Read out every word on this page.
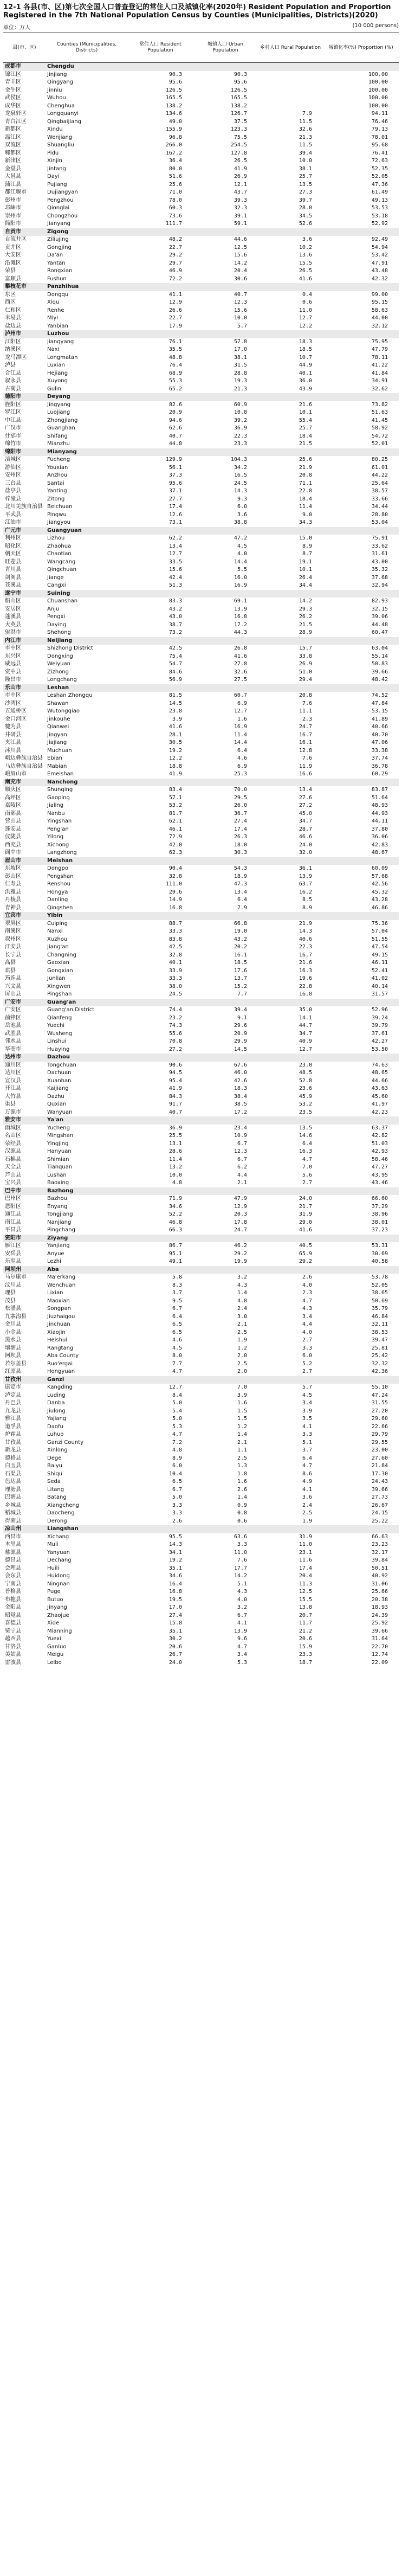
12-1 各县(市、区)第七次全国人口普查登记的常住人口及城镇化率(2020年) Resident Population and Proportion Registered in the 7th National Population Census by Counties (Municipalities, Districts)(2020)
单位：万人	(10 000 persons)
县(市、区)	Counties (Municipalities, Districts)	常住人口 Resident Population	城镇人口 Urban Population	乡村人口 Rural Population	城镇化率(%) Proportion (%)
成都市	Chengdu				
锦江区	Jinjiang	90.3	90.3		100.00
青羊区	Qingyang	95.6	95.6		100.00
金牛区	Jinniu	126.5	126.5		100.00
武侯区	Wuhou	165.5	165.5		100.00
成华区	Chenghua	138.2	138.2		100.00
龙泉驿区	Longquanyi	134.6	126.7	7.9	94.11
青白江区	Qingbaijiang	49.0	37.5	11.5	76.46
新都区	Xindu	155.9	123.3	32.6	79.13
温江区	Wenjiang	96.8	75.5	21.3	78.01
双流区	Shuangliu	266.0	254.5	11.5	95.68
郫都区	Pidu	167.2	127.8	39.4	76.41
新津区	Xinjin	36.4	26.5	10.0	72.63
金堂县	Jintang	80.0	41.9	38.1	52.35
大邑县	Dayi	51.6	26.9	25.7	52.05
蒲江县	Pujiang	25.6	12.1	13.5	47.36
都江堰市	Dujiangyan	71.0	43.7	27.3	61.49
彭州市	Pengzhou	78.0	39.3	39.7	49.13
邛崃市	Qionglai	60.3	32.3	28.0	53.53
崇州市	Chongzhou	73.6	39.1	34.5	53.18
简阳市	Jianyang	111.7	59.1	52.6	52.92
自贡市	Zigong				
自流井区	Ziliujing	48.2	44.6	3.6	92.49
贡井区	Gongjing	22.7	12.5	10.2	54.94
大安区	Da'an	29.2	15.6	13.6	53.42
沿滩区	Yantan	29.7	14.2	15.5	47.91
荣县	Rongxian	46.9	20.4	26.5	43.48
富顺县	Fushun	72.2	30.6	41.6	42.32
攀枝花市	Panzhihua				
东区	Dongqu	41.1	40.7	0.4	99.00
西区	Xiqu	12.9	12.3	0.6	95.15
仁和区	Renhe	26.6	15.6	11.0	58.63
米易县	Miyi	22.7	10.0	12.7	44.00
盐边县	Yanbian	17.9	5.7	12.2	32.12
泸州市	Luzhou				
江阳区	Jiangyang	76.1	57.8	18.3	75.95
纳溪区	Naxi	35.5	17.0	18.5	47.79
龙马潭区	Longmatan	48.8	38.1	10.7	78.11
泸县	Luxian	76.4	31.5	44.9	41.22
合江县	Hejiang	68.9	28.8	40.1	41.84
叙永县	Xuyong	55.3	19.3	36.0	34.91
古蔺县	Gulin	65.2	21.3	43.9	32.62
德阳市	Deyang				
旌阳区	Jingyang	82.6	60.9	21.6	73.82
罗江区	Luojiang	20.9	10.8	10.1	51.63
中江县	Zhongjiang	94.6	39.2	55.4	41.45
广汉市	Guanghan	62.6	36.9	25.7	58.92
什邡市	Shifang	40.7	22.3	18.4	54.72
绵竹市	Mianzhu	44.8	23.3	21.5	52.01
绵阳市	Mianyang				
涪城区	Fucheng	129.9	104.3	25.6	80.25
游仙区	Youxian	56.1	34.2	21.9	61.01
安州区	Anzhou	37.3	16.5	20.8	44.22
三台县	Santai	95.6	24.5	71.1	25.64
盐亭县	Yanting	37.1	14.3	22.8	38.57
梓潼县	Zitong	27.7	9.3	18.4	33.66
北川羌族自治县	Beichuan	17.4	6.0	11.4	34.44
平武县	Pingwu	12.6	3.6	9.0	28.80
江油市	Jiangyou	73.1	38.8	34.3	53.04
广元市	Guangyuan				
利州区	Lizhou	62.2	47.2	15.0	75.91
昭化区	Zhaohua	13.4	4.5	8.9	33.62
朝天区	Chaotian	12.7	4.0	8.7	31.61
旺苍县	Wangcang	33.5	14.4	19.1	43.00
青川县	Qingchuan	15.6	5.5	10.1	35.32
剑阁县	Jiange	42.4	16.0	26.4	37.68
苍溪县	Cangxi	51.3	16.9	34.4	32.94
遂宁市	Suining				
船山区	Chuanshan	83.3	69.1	14.2	82.93
安居区	Anju	43.2	13.9	29.3	32.15
蓬溪县	Pengxi	43.0	16.8	26.2	39.06
大英县	Daying	38.7	17.2	21.5	44.48
射洪市	Shehong	73.2	44.3	28.9	60.47
内江市	Neijiang				
市中区	Shizhong District	42.5	26.8	15.7	63.04
东兴区	Dongxing	75.4	41.6	33.8	55.14
威远县	Weiyuan	54.7	27.8	26.9	50.83
资中县	Zizhong	84.6	32.6	51.0	39.66
隆昌市	Longchang	56.9	27.5	29.4	48.42
乐山市	Leshan				
市中区	Leshan Zhongqu	81.5	60.7	20.8	74.52
沙湾区	Shawan	14.5	6.9	7.6	47.84
五通桥区	Wutongqiao	23.8	12.7	11.1	53.15
金口河区	Jinkouhe	3.9	1.6	2.3	41.89
犍为县	Qianwei	41.6	16.9	24.7	40.66
井研县	Jingyan	28.1	11.4	16.7	40.70
夹江县	Jiajiang	30.5	14.4	16.1	47.06
沐川县	Muchuan	19.2	6.4	12.8	33.38
峨边彝族自治县	Ebian	12.2	4.6	7.6	37.74
马边彝族自治县	Mabian	18.8	6.9	11.9	36.78
峨眉山市	Emeishan	41.9	25.3	16.6	60.29
南充市	Nanchong				
顺庆区	Shunqing	83.4	70.0	13.4	83.87
高坪区	Gaoping	57.1	29.5	27.6	51.64
嘉陵区	Jialing	53.2	26.0	27.2	48.93
南部县	Nanbu	81.7	36.7	45.0	44.93
营山县	Yingshan	62.1	27.4	34.7	44.11
蓬安县	Peng'an	46.1	17.4	28.7	37.80
仪陇县	Yilong	72.9	26.3	46.6	36.06
西充县	Xichong	42.0	18.0	24.0	42.83
阆中市	Langzhong	62.3	30.3	32.0	48.67
眉山市	Meishan				
东坡区	Dongpo	90.4	54.3	36.1	60.09
彭山区	Pengshan	32.8	18.9	13.9	57.68
仁寿县	Renshou	111.0	47.3	63.7	42.56
洪雅县	Hongya	29.6	13.4	16.2	45.32
丹棱县	Danling	14.9	6.4	8.5	43.28
青神县	Qingshen	16.8	7.9	8.9	46.86
宜宾市	Yibin				
翠屏区	Cuiping	88.7	66.8	21.9	75.36
南溪区	Nanxi	33.3	19.0	14.3	57.04
叙州区	Xuzhou	83.8	43.2	40.6	51.55
江安县	Jiang'an	42.5	20.2	22.3	47.54
长宁县	Changning	32.8	16.1	16.7	49.15
高县	Gaoxian	40.1	18.5	21.6	46.11
珙县	Gongxian	33.9	17.6	16.3	52.41
筠连县	Junlian	33.3	13.7	19.6	41.02
兴文县	Xingwen	38.0	15.2	22.8	40.14
屏山县	Pingshan	24.5	7.7	16.8	31.57
广安市	Guang'an				
广安区	Guang'an District	74.4	39.4	35.0	52.96
前锋区	Qianfeng	23.2	9.1	14.1	39.24
岳池县	Yuechi	74.3	29.6	44.7	39.79
武胜县	Wusheng	55.6	20.9	34.7	37.61
邻水县	Linshui	70.8	29.9	40.9	42.27
华蓥市	Huaying	27.2	14.5	12.7	53.50
达州市	Dazhou				
通川区	Tongchuan	90.6	67.6	23.0	74.63
达川区	Dachuan	94.5	46.0	48.5	48.65
宣汉县	Xuanhan	95.4	42.6	52.8	44.66
开江县	Kaijiang	41.9	18.3	23.6	43.63
大竹县	Dazhu	84.3	38.4	45.9	45.60
渠县	Quxian	91.7	38.5	53.2	41.97
万源市	Wanyuan	40.7	17.2	23.5	42.23
雅安市	Ya'an				
雨城区	Yucheng	36.9	23.4	13.5	63.37
名山区	Mingshan	25.5	10.9	14.6	42.82
荥经县	Yingjing	13.1	6.7	6.4	51.03
汉源县	Hanyuan	28.6	12.3	16.3	42.93
石棉县	Shimian	11.4	6.7	4.7	58.46
天全县	Tianquan	13.2	6.2	7.0	47.27
芦山县	Lushan	10.0	4.4	5.6	43.95
宝兴县	Baoxing	4.8	2.1	2.7	43.46
巴中市	Bazhong				
巴州区	Bazhou	71.9	47.9	24.0	66.60
恩阳区	Enyang	34.6	12.9	21.7	37.29
通江县	Tongjiang	52.2	20.3	31.9	38.96
南江县	Nanjiang	46.8	17.8	29.0	38.01
平昌县	Pingchang	66.3	24.7	41.6	37.23
资阳市	Ziyang				
雁江区	Yanjiang	86.7	46.2	40.5	53.31
安岳县	Anyue	95.1	29.2	65.9	30.69
乐至县	Lezhi	49.1	19.9	29.2	40.58
阿坝州	Aba				
马尔康市	Ma'erkang	5.8	3.2	2.6	53.78
汶川县	Wenchuan	8.3	4.3	4.0	52.05
理县	Lixian	3.7	1.4	2.3	38.65
茂县	Maoxian	9.5	4.8	4.7	50.69
松潘县	Songpan	6.7	2.4	4.3	35.79
九寨沟县	Jiuzhaigou	6.4	3.0	3.4	46.84
金川县	Jinchuan	6.5	2.1	4.4	32.11
小金县	Xiaojin	6.5	2.5	4.0	38.53
黑水县	Heishui	4.6	1.9	2.7	39.47
壤塘县	Rangtang	4.5	1.2	3.3	25.81
阿坝县	Aba County	8.0	2.0	6.0	25.42
若尔盖县	Ruo'ergai	7.7	2.5	5.2	32.32
红原县	Hongyuan	4.7	2.0	2.7	42.36
甘孜州	Ganzi				
康定市	Kangding	12.7	7.0	5.7	55.10
泸定县	Luding	8.4	3.9	4.5	47.24
丹巴县	Danba	5.0	1.6	3.4	31.55
九龙县	Jiulong	5.4	1.5	3.9	27.20
雅江县	Yajiang	5.0	1.5	3.5	29.60
道孚县	Daofu	5.3	1.2	4.1	22.66
炉霍县	Luhuo	4.7	1.4	3.3	29.79
甘孜县	Ganzi County	7.2	2.1	5.1	29.55
新龙县	Xinlong	4.8	1.1	3.7	23.00
德格县	Dege	8.9	2.5	6.4	27.60
白玉县	Baiyu	6.0	1.3	4.7	21.84
石渠县	Shiqu	10.4	1.8	8.6	17.30
色达县	Seda	6.5	1.6	4.9	24.43
理塘县	Litang	6.7	2.6	4.1	39.66
巴塘县	Batang	5.0	1.4	3.6	27.73
乡城县	Xiangcheng	3.3	0.9	2.4	26.67
稻城县	Daocheng	3.3	0.8	2.5	24.15
得荣县	Derong	2.6	0.6	1.9	25.22
凉山州	Liangshan				
西昌市	Xichang	95.5	63.6	31.9	66.63
木里县	Muli	14.3	3.3	11.0	23.23
盐源县	Yanyuan	34.1	11.0	23.1	32.17
德昌县	Dechang	19.2	7.6	11.6	39.84
会理县	Huili	35.1	17.7	17.4	50.51
会东县	Huidong	34.6	14.2	20.4	40.92
宁南县	Ningnan	16.4	5.1	11.3	31.06
普格县	Puge	16.8	4.3	12.5	25.66
布拖县	Butuo	19.5	4.0	15.5	20.38
金阳县	Jinyang	17.0	3.2	13.8	18.93
昭觉县	Zhaojue	27.4	6.7	20.7	24.39
喜德县	Xide	15.8	4.1	11.7	25.92
冕宁县	Mianning	35.1	13.9	21.2	39.66
越西县	Yuexi	30.2	9.6	20.6	31.64
甘洛县	Ganluo	20.6	4.7	15.9	22.70
美姑县	Meigu	26.7	3.4	23.3	12.74
雷波县	Leibo	24.0	5.3	18.7	22.09
